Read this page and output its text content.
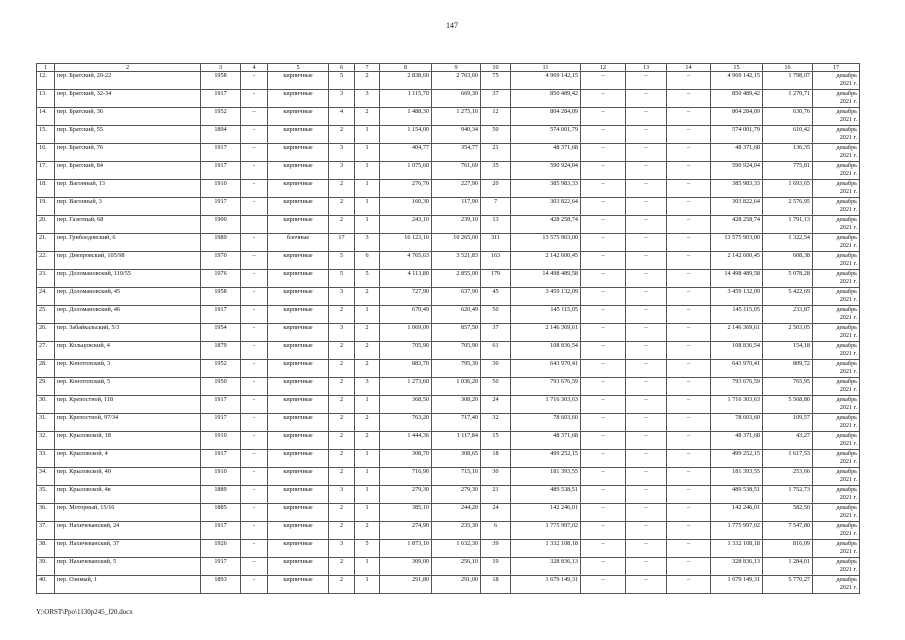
147
1	2	3	4	5	6	7	8	9	10	11	12	13	14	15	16	17
12.	пер. Братский, 20-22	1958	-	кирпичные	5	2	2 838,60	2 763,60	75	4 969 142,15	–	–	–	4 969 142,15	1 798,07	декабрь
2021 г.

13.	пер. Братский, 32-34	1917	-	кирпичные	3	3	1 115,70	669,30	37	850 489,42	–	–	–	850 489,42	1 270,71	декабрь
2021 г.

14.	пер. Братский, 36	1952	–	кирпичные	4	2	1 488,30	1 275,10	12	804 284,09	–	–	–	804 284,09	630,76	декабрь
2021 г.

15.	пер. Братский, 55	1894	-	кирпичные	2	1	1 154,00	940,34	50	574 001,79	–	–	–	574 001,79	610,42	декабрь
2021 г.

16.	пер. Братский, 76	1917	–	кирпичные	3	1	404,77	354,77	21	48 371,68	–	–	–	48 371,68	136,35	декабрь
2021 г.

17.	пер. Братский, 84	1917	-	кирпичные	3	1	1 075,60	761,69	35	590 924,04	–	–	–	590 924,04	775,81	декабрь
2021 г.

18.	пер. Вагонный, 13	1910	-	кирпичные	2	1	276,70	227,90	20	385 983,33	–	–	–	385 983,33	1 693,65	декабрь
2021 г.

19.	пер. Вагонный, 3	1917	-	кирпичные	2	1	160,30	117,90	7	303 822,64	–	–	–	303 822,64	2 576,95	декабрь
2021 г.

20.	пер. Газетный, 68	1900		кирпичные	2	1	243,10	239,10	13	428 258,74	–	–	–	428 258,74	1 791,13	декабрь
2021 г.

21.	пер. Грибоедовский, 6	1989	-	блочные	17	3	16 123,10	10 265,00	311	13 575 903,00	–	–	–	13 575 903,00	1 322,54	декабрь
2021 г.

22.	пер. Днепровский, 105/98	1970	–	кирпичные	5	6	4 765,63	3 521,83	163	2 142 600,45	–	–	–	2 142 600,45	608,38	декабрь
2021 г.

23.	пер. Доломановский, 110/55	1976	-	кирпичные	5	5	4 113,80	2 855,00	179	14 498 489,58	–	–	–	14 498 489,58	5 078,28	декабрь
2021 г.

24.	пер. Доломановский, 45	1958	-	кирпичные	3	2	727,90	637,90	45	3 459 132,09	–	–	–	3 459 132,09	5 422,69	декабрь
2021 г.

25.	пер. Доломановский, 46	1917	-	кирпичные	2	1	670,49	620,49	50	145 115,05	–	–	–	145 115,05	233,87	декабрь
2021 г.

26.	пер. Забайкальский, 5/3	1954	-	кирпичные	3	2	1 069,00	857,50	37	2 146 369,61	–	–	–	2 146 369,61	2 503,05	декабрь
2021 г.

27.	пер. Кольцовский, 4	1879	-	кирпичные	2	2	705,90	705,90	61	108 836,54	–	–	–	108 836,54	154,18	декабрь
2021 г.

28.	пер. Конотопский, 3	1952	-	кирпичные	2	2	883,70	795,30	30	643 970,41	–	–	–	643 970,41	809,72	декабрь
2021 г.

29.	пер. Конотопский, 5	1950	-	кирпичные	2	3	1 273,60	1 036,20	50	793 676,59	–	–	–	793 676,59	765,95	декабрь
2021 г.

30.	пер. Крепостной, 118	1917	-	кирпичные	2	1	368,50	308,20	24	1 716 303,63	–	–	–	1 716 303,63	5 568,80	декабрь
2021 г.

31.	пер. Крепостной, 97/34	1917	-	кирпичные	2	2	763,20	717,40	32	78 603,60	–	–	–	78 603,60	109,57	декабрь
2021 г.

32.	пер. Крыловской, 18	1910	-	кирпичные	2	2	1 444,36	1 117,84	15	48 371,68	–	–	–	48 371,68	43,27	декабрь
2021 г.

33.	пер. Крыловской, 4	1917	–	кирпичные	2	1	308,70	308,65	18	499 252,15	–	–	–	499 252,15	1 617,53	декабрь
2021 г.

34.	пер. Крыловской, 40	1910	-	кирпичные	2	1	716,90	715,10	30	181 393,55	–	–	–	181 393,55	253,66	декабрь
2021 г.

35.	пер. Крыловской, 4в	1889	-	кирпичные	3	1	279,30	279,30	21	489 538,51	–	–	–	489 538,51	1 752,73	декабрь
2021 г.

36.	пер. Моторный, 15/16	1885	-	кирпичные	2	1	385,10	244,20	24	142 246,01	–	–	–	142 246,01	582,50	декабрь
2021 г.

37.	пер. Нахичеванский, 24	1917	-	кирпичные	2	2	274,90	235,30	6	1 775 997,02	–	–	–	1 775 997,02	7 547,80	декабрь
2021 г.

38.	пер. Нахичеванский, 37	1926	-	кирпичные	3	5	1 873,10	1 632,30	39	1 332 108,18	–	–	–	1 332 108,18	816,09	декабрь
2021 г.

39.	пер. Нахичеванский, 5	1917	–	кирпичные	2	1	309,00	256,10	19	328 836,13	–	–	–	328 836,13	1 284,01	декабрь
2021 г.

40.	пер. Озимый, 1	1893	-	кирпичные	2	1	291,80	291,00	18	1 679 149,31	–	–	–	1 679 149,31	5 770,27	декабрь
2021 г.
Y:\ORST\Ppo\1130p245_f20.docx
